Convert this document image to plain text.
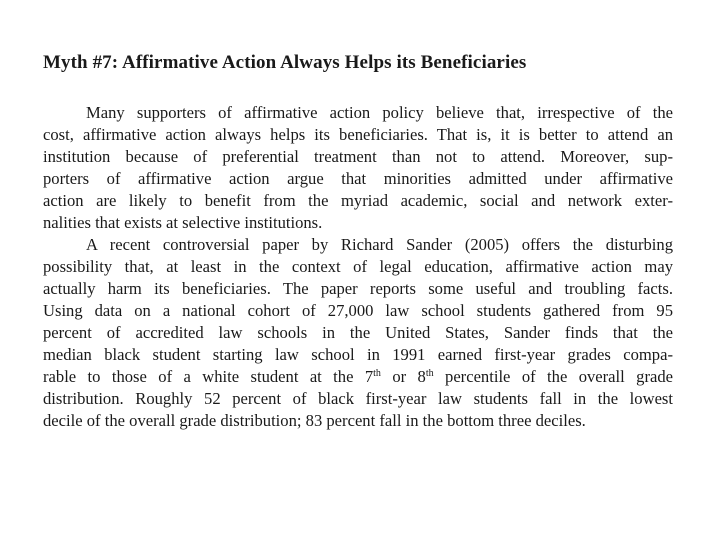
Myth #7: Affirmative Action Always Helps its Beneficiaries
Many supporters of affirmative action policy believe that, irrespective of the
cost, affirmative action always helps its beneficiaries. That is, it is better to attend an
institution because of preferential treatment than not to attend. Moreover, sup-
porters of affirmative action argue that minorities admitted under affirmative
action are likely to benefit from the myriad academic, social and network exter-
nalities that exists at selective institutions.
A recent controversial paper by Richard Sander (2005) offers the disturbing
possibility that, at least in the context of legal education, affirmative action may
actually harm its beneficiaries. The paper reports some useful and troubling facts.
Using data on a national cohort of 27,000 law school students gathered from 95
percent of accredited law schools in the United States, Sander finds that the
median black student starting law school in 1991 earned first-year grades compa-
rable to those of a white student at the 7th or 8th percentile of the overall grade
distribution. Roughly 52 percent of black first-year law students fall in the lowest
decile of the overall grade distribution; 83 percent fall in the bottom three deciles.
